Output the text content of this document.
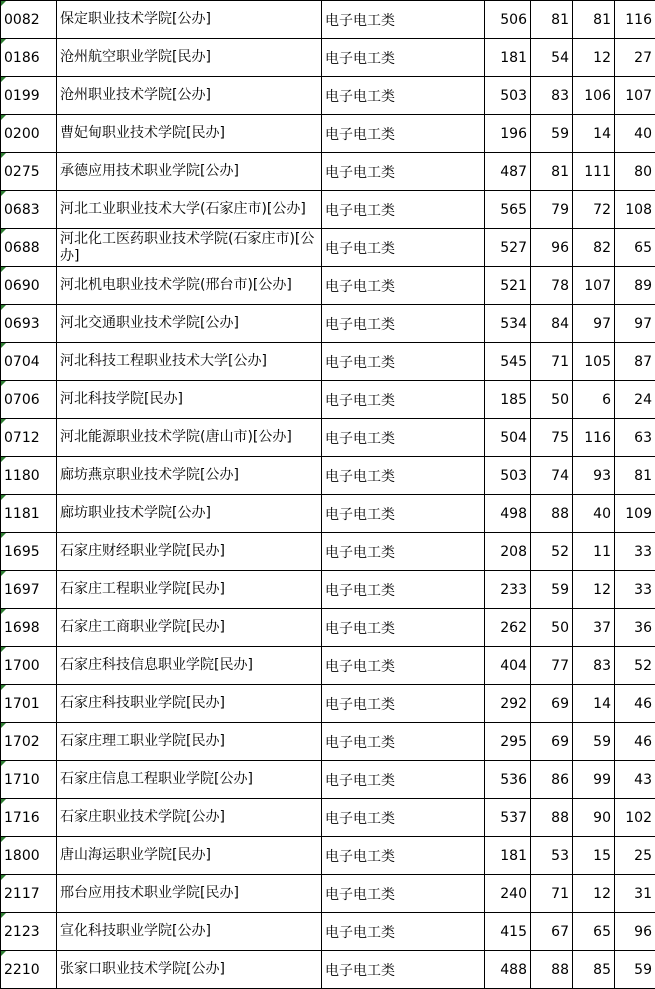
0082	保定职业技术学院[公办]	电子电工类	506	81	81	116
0186	沧州航空职业学院[民办]	电子电工类	181	54	12	27
0199	沧州职业技术学院[公办]	电子电工类	503	83	106	107
0200	曹妃甸职业技术学院[民办]	电子电工类	196	59	14	40
0275	承德应用技术职业学院[公办]	电子电工类	487	81	111	80
0683	河北工业职业技术大学(石家庄市)[公办]	电子电工类	565	79	72	108
0688	河北化工医药职业技术学院(石家庄市)[公办]	电子电工类	527	96	82	65
0690	河北机电职业技术学院(邢台市)[公办]	电子电工类	521	78	107	89
0693	河北交通职业技术学院[公办]	电子电工类	534	84	97	97
0704	河北科技工程职业技术大学[公办]	电子电工类	545	71	105	87
0706	河北科技学院[民办]	电子电工类	185	50	6	24
0712	河北能源职业技术学院(唐山市)[公办]	电子电工类	504	75	116	63
1180	廊坊燕京职业技术学院[公办]	电子电工类	503	74	93	81
1181	廊坊职业技术学院[公办]	电子电工类	498	88	40	109
1695	石家庄财经职业学院[民办]	电子电工类	208	52	11	33
1697	石家庄工程职业学院[民办]	电子电工类	233	59	12	33
1698	石家庄工商职业学院[民办]	电子电工类	262	50	37	36
1700	石家庄科技信息职业学院[民办]	电子电工类	404	77	83	52
1701	石家庄科技职业学院[民办]	电子电工类	292	69	14	46
1702	石家庄理工职业学院[民办]	电子电工类	295	69	59	46
1710	石家庄信息工程职业学院[公办]	电子电工类	536	86	99	43
1716	石家庄职业技术学院[公办]	电子电工类	537	88	90	102
1800	唐山海运职业学院[民办]	电子电工类	181	53	15	25
2117	邢台应用技术职业学院[民办]	电子电工类	240	71	12	31
2123	宣化科技职业学院[公办]	电子电工类	415	67	65	96
2210	张家口职业技术学院[公办]	电子电工类	488	88	85	59
